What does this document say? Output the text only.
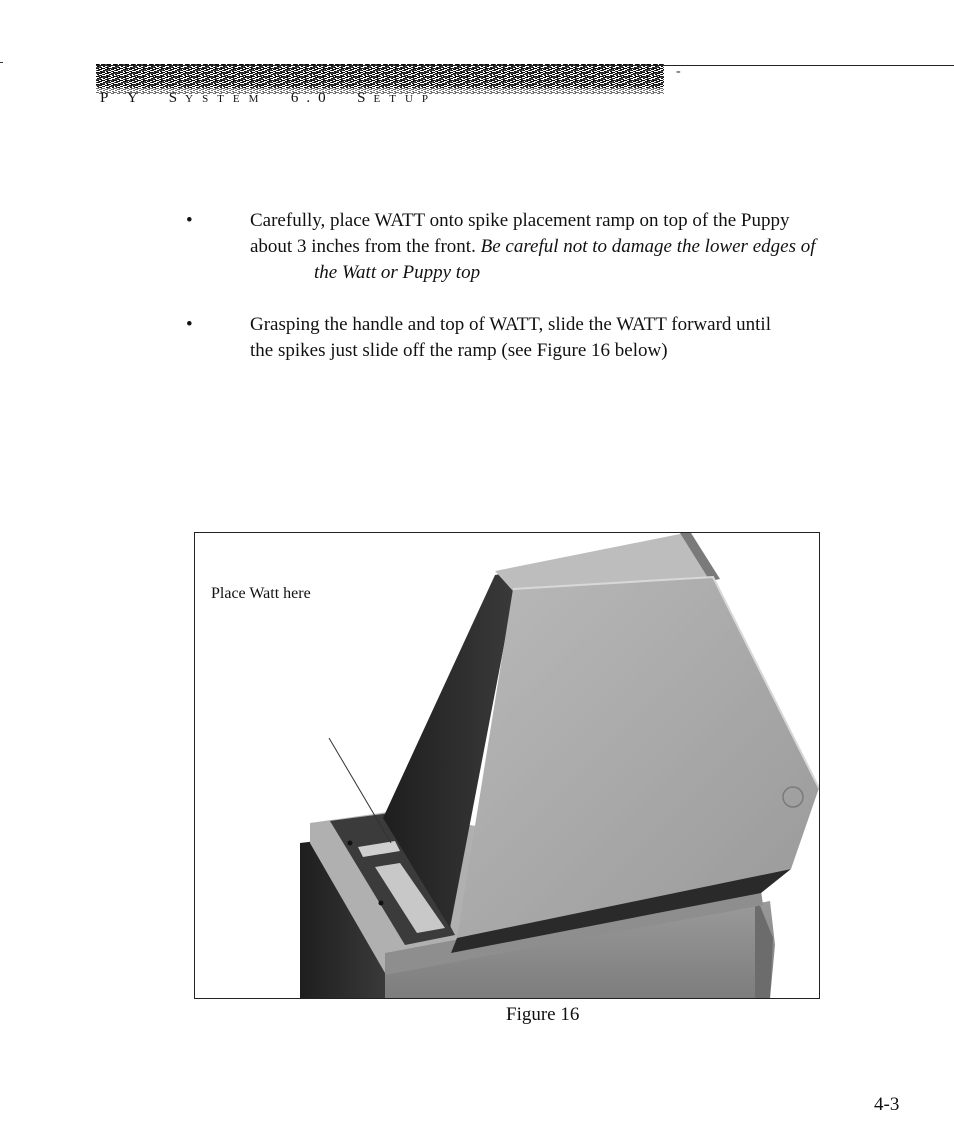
-
P Y SYSTEM 6.0 SETUP
•	Carefully, place WATT onto spike placement ramp on top of the Puppy
about 3 inches from the front. Be careful not to damage the lower edges of
the Watt or Puppy top
•	Grasping the handle and top of WATT, slide the WATT forward until
the spikes just slide off the ramp (see Figure 16 below)
Place Watt here
Figure 16
4-3
